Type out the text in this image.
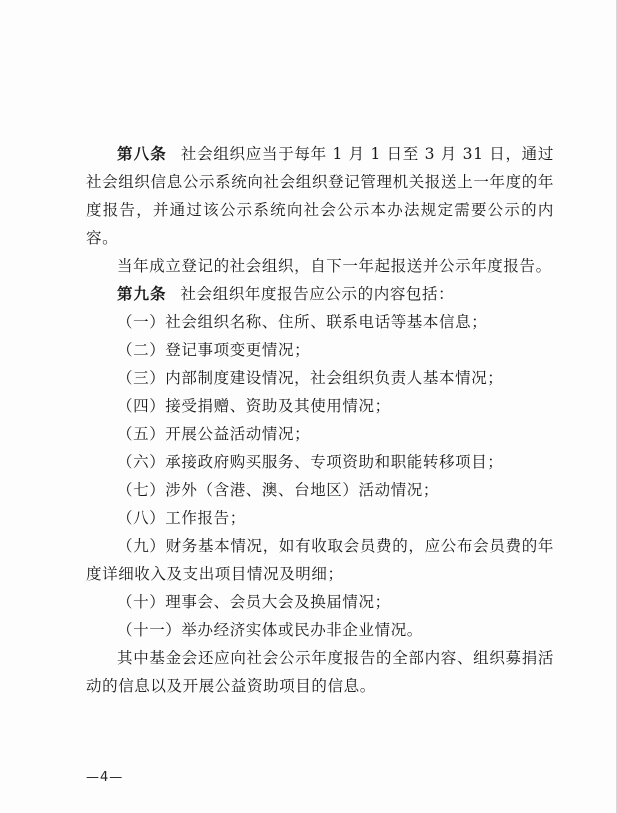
第八条 社会组织应当于每年 1 月 1 日至 3 月 31 日，通过社会组织信息公示系统向社会组织登记管理机关报送上一年度的年度报告，并通过该公示系统向社会公示本办法规定需要公示的内容。

当年成立登记的社会组织，自下一年起报送并公示年度报告。

第九条 社会组织年度报告应公示的内容包括：

（一）社会组织名称、住所、联系电话等基本信息；

（二）登记事项变更情况；

（三）内部制度建设情况，社会组织负责人基本情况；

（四）接受捐赠、资助及其使用情况；

（五）开展公益活动情况；

（六）承接政府购买服务、专项资助和职能转移项目；

（七）涉外（含港、澳、台地区）活动情况；

（八）工作报告；

（九）财务基本情况，如有收取会员费的，应公布会员费的年度详细收入及支出项目情况及明细；

（十）理事会、会员大会及换届情况；

（十一）举办经济实体或民办非企业情况。

其中基金会还应向社会公示年度报告的全部内容、组织募捐活动的信息以及开展公益资助项目的信息。

—4—
